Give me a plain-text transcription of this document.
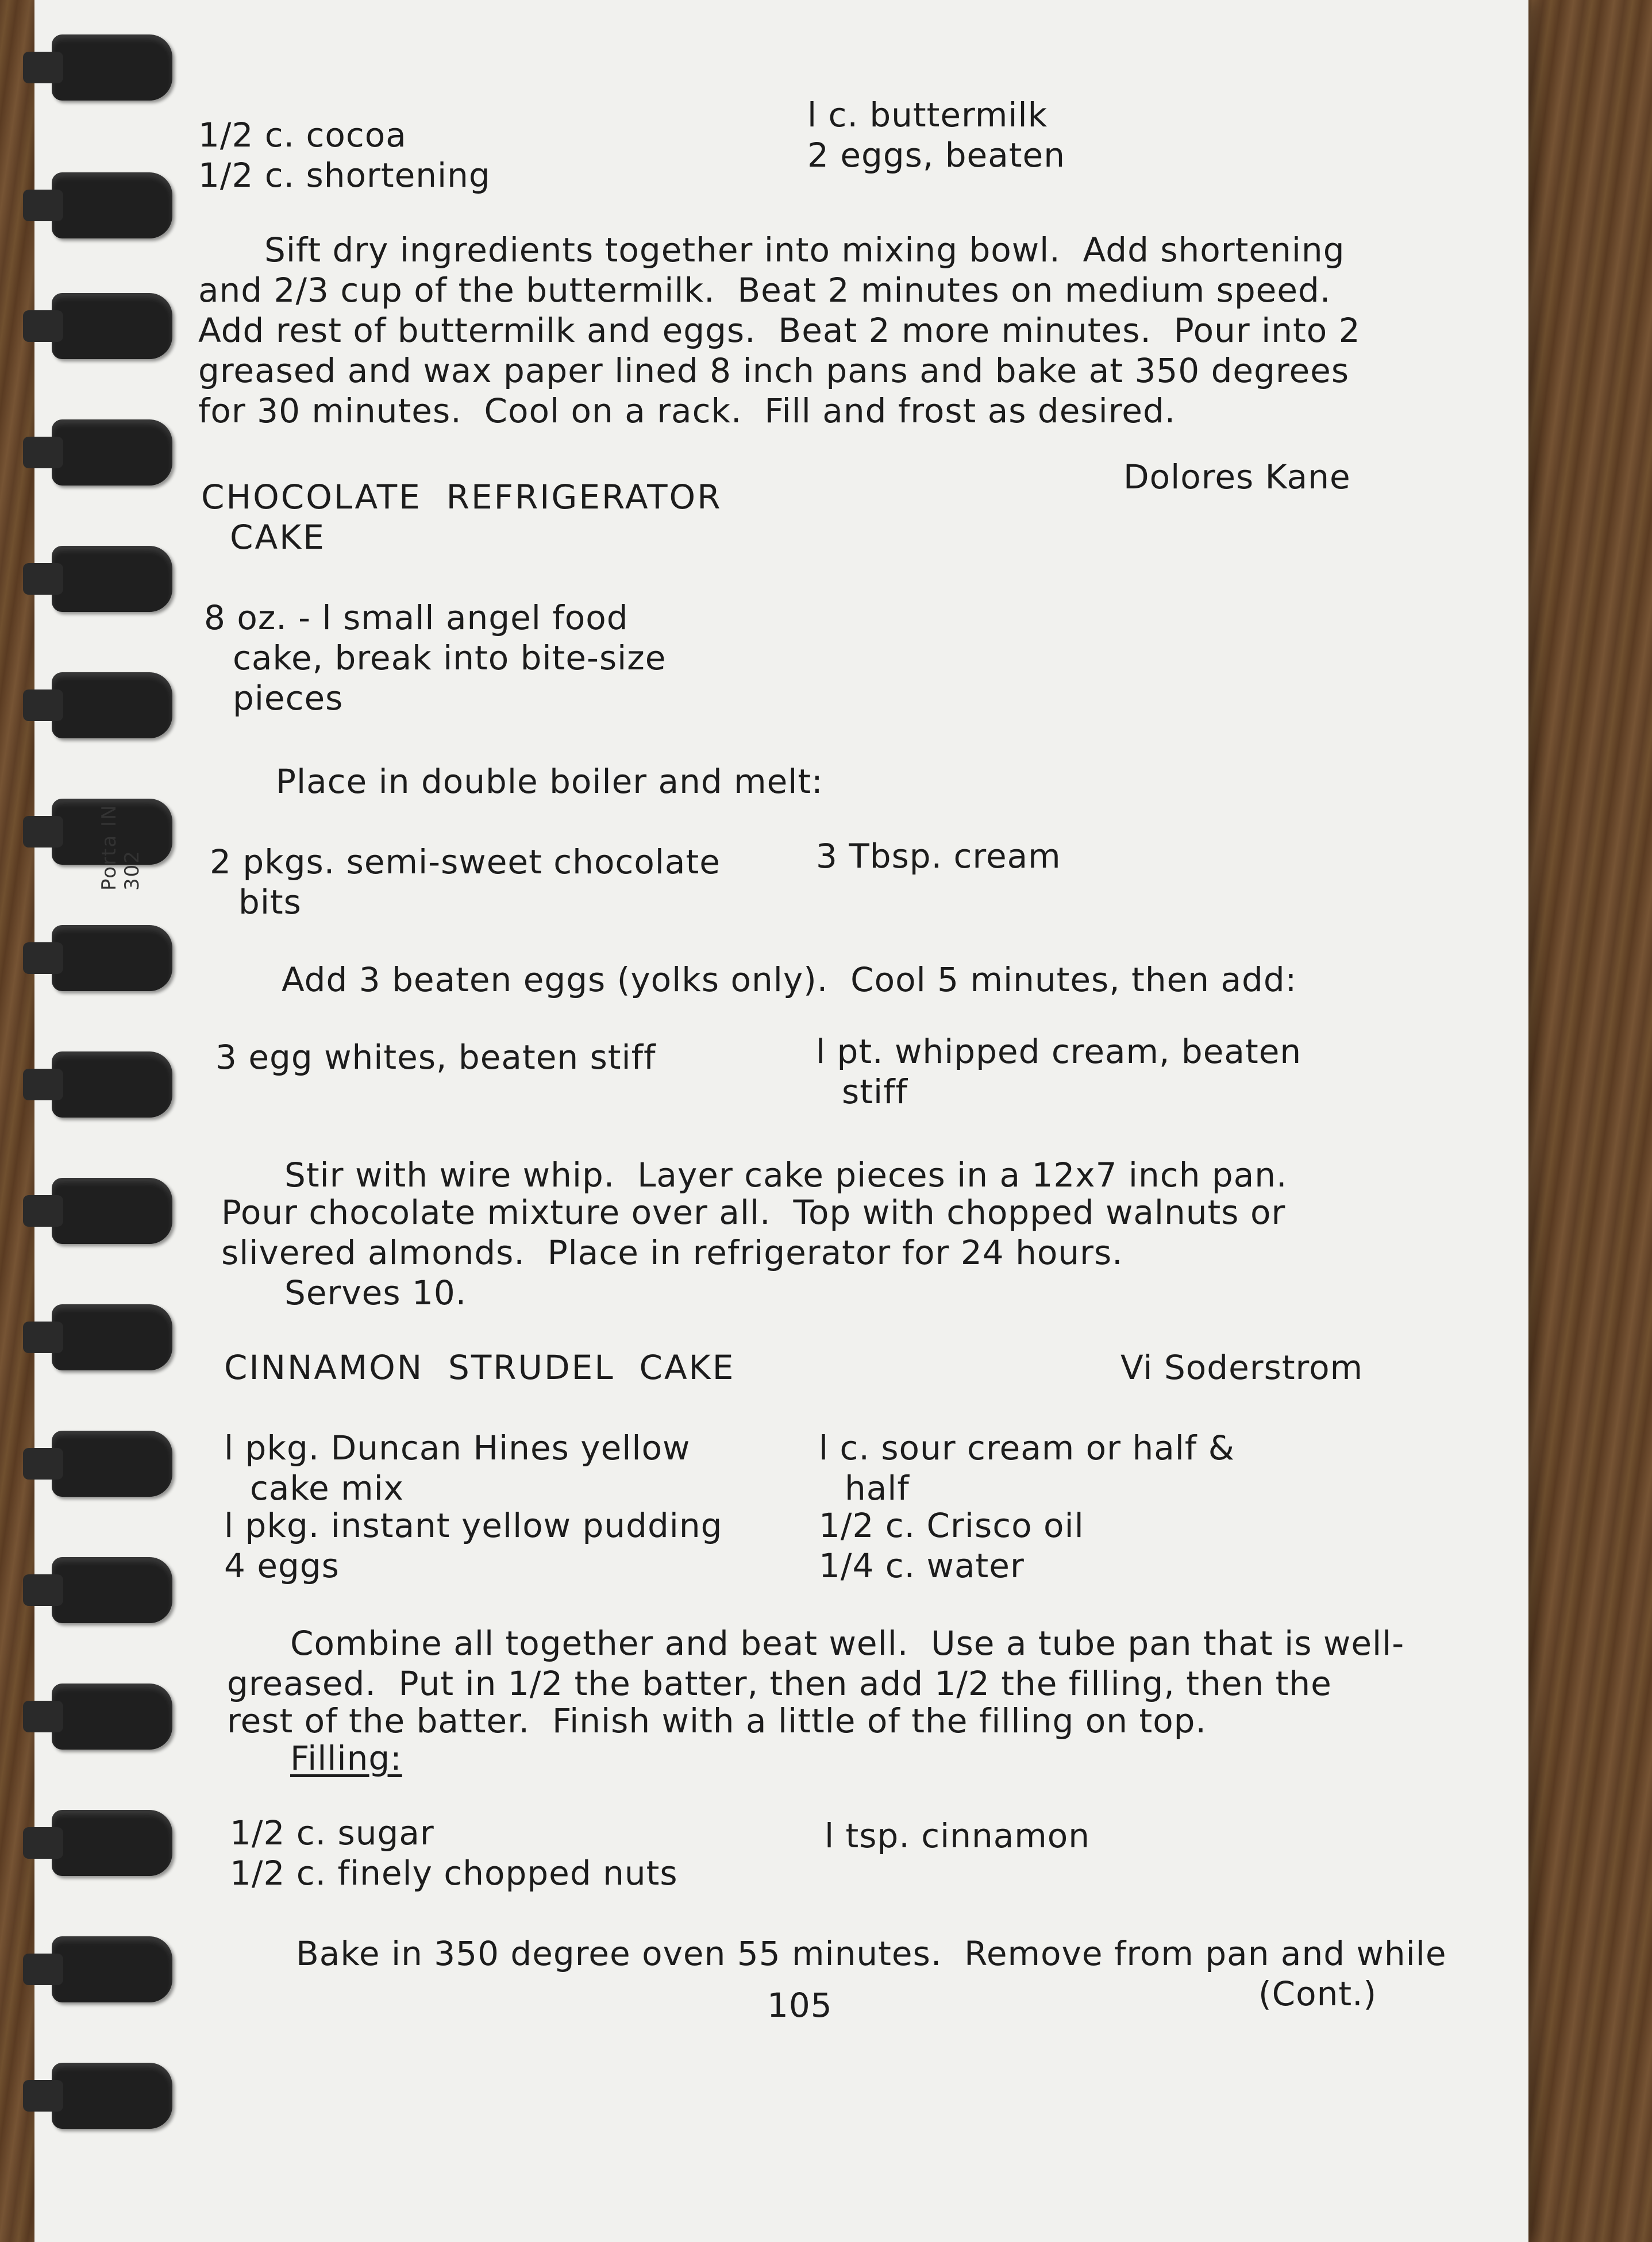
Porta IN 302
1/2 c. cocoa
1/2 c. shortening
l c. buttermilk
2 eggs, beaten
Sift dry ingredients together into mixing bowl.  Add shortening
and 2/3 cup of the buttermilk.  Beat 2 minutes on medium speed.
Add rest of buttermilk and eggs.  Beat 2 more minutes.  Pour into 2
greased and wax paper lined 8 inch pans and bake at 350 degrees
for 30 minutes.  Cool on a rack.  Fill and frost as desired.
CHOCOLATE  REFRIGERATOR
CAKE
Dolores Kane
8 oz. - l small angel food
cake, break into bite-size
pieces
Place in double boiler and melt:
2 pkgs. semi-sweet chocolate
bits
3 Tbsp. cream
Add 3 beaten eggs (yolks only).  Cool 5 minutes, then add:
3 egg whites, beaten stiff	l pt. whipped cream, beaten
stiff
Stir with wire whip.  Layer cake pieces in a 12x7 inch pan.
Pour chocolate mixture over all.  Top with chopped walnuts or
slivered almonds.  Place in refrigerator for 24 hours.
Serves 10.
CINNAMON  STRUDEL  CAKE	Vi Soderstrom
l pkg. Duncan Hines yellow
cake mix
l pkg. instant yellow pudding
4 eggs
l c. sour cream or half &
half
1/2 c. Crisco oil
1/4 c. water
Combine all together and beat well.  Use a tube pan that is well-
greased.  Put in 1/2 the batter, then add 1/2 the filling, then the
rest of the batter.  Finish with a little of the filling on top.
Filling:
1/2 c. sugar
1/2 c. finely chopped nuts
l tsp. cinnamon
Bake in 350 degree oven 55 minutes.  Remove from pan and while
(Cont.)
105
